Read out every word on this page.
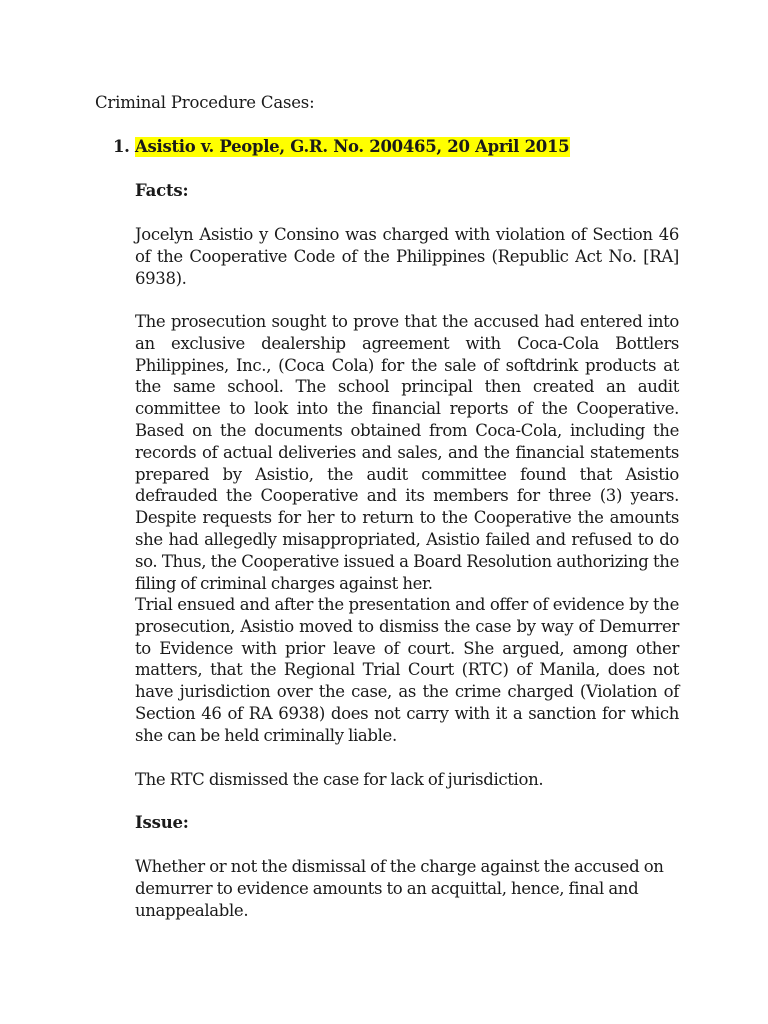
Criminal Procedure Cases:
1. Asistio v. People, G.R. No. 200465, 20 April 2015
Facts:
Jocelyn Asistio y Consino was charged with violation of Section 46 of the Cooperative Code of the Philippines (Republic Act No. [RA] 6938).
The prosecution sought to prove that the accused had entered into an exclusive dealership agreement with Coca-Cola Bottlers Philippines, Inc., (Coca Cola) for the sale of softdrink products at the same school. The school principal then created an audit committee to look into the financial reports of the Cooperative. Based on the documents obtained from Coca-Cola, including the records of actual deliveries and sales, and the financial statements prepared by Asistio, the audit committee found that Asistio defrauded the Cooperative and its members for three (3) years. Despite requests for her to return to the Cooperative the amounts she had allegedly misappropriated, Asistio failed and refused to do so. Thus, the Cooperative issued a Board Resolution authorizing the filing of criminal charges against her.
Trial ensued and after the presentation and offer of evidence by the prosecution, Asistio moved to dismiss the case by way of Demurrer to Evidence with prior leave of court. She argued, among other matters, that the Regional Trial Court (RTC) of Manila, does not have jurisdiction over the case, as the crime charged (Violation of Section 46 of RA 6938) does not carry with it a sanction for which she can be held criminally liable.
The RTC dismissed the case for lack of jurisdiction.
Issue:
Whether or not the dismissal of the charge against the accused on demurrer to evidence amounts to an acquittal, hence, final and unappealable.
